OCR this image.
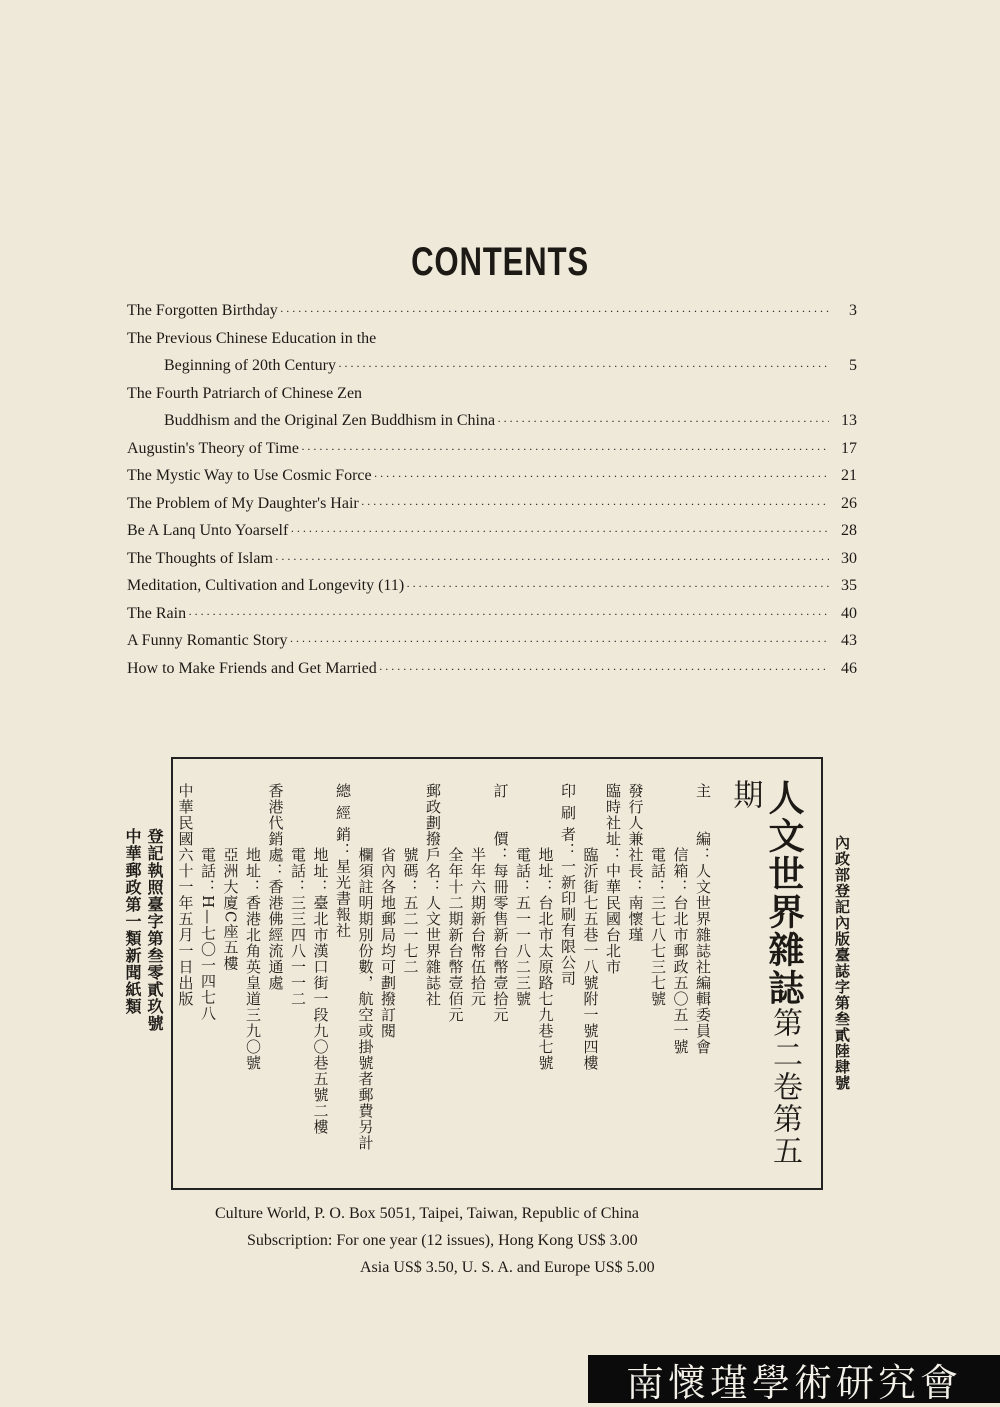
CONTENTS
The Forgotten Birthday ·····	3
The Previous Chinese Education in the
Beginning of 20th Century ·····	5
The Fourth Patriarch of Chinese Zen
Buddhism and the Original Zen Buddhism in China ·····	13
Augustin's Theory of Time ·····	17
The Mystic Way to Use Cosmic Force ·····	21
The Problem of My Daughter's Hair ·····	26
Be A Lanq Unto Yoarself ·····	28
The Thoughts of Islam ·····	30
Meditation, Cultivation and Longevity (11) ·····	35
The Rain ·····	40
A Funny Romantic Story ·····	43
How to Make Friends and Get Married ·····	46
登記執照臺字第叁零貳玖號
中華郵政第一類新聞紙類	內政部登記內版臺誌字第叁貳陸肆號
人文世界雜誌第二卷第五期
主　　編：人文世界雜誌社編輯委員會
　　　　信箱：台北市郵政五〇五一號
　　　　電話：三七八七三七號
發行人兼社長：南懷瑾
臨時社址：中華民國台北市
　　　　臨沂街七五巷一八號附一號四樓
印 刷 者：一新印刷有限公司
　　　　地址：台北市太原路七九巷七號
　　　　電話：五一一八二三號
訂　　價：每冊零售新台幣壹拾元
　　　　半年六期新台幣伍拾元
　　　　全年十二期新台幣壹佰元
郵政劃撥戶名：人文世界雜誌社
　　　　號碼：五二一七二
　　　　省內各地郵局均可劃撥訂閱
　　　　欄須註明期別份數，航空或掛號者郵費另計
總 經 銷：星光書報社
　　　　地址：臺北市漢口街一段九〇巷五號二樓
　　　　電話：三三四八一一二
香港代銷處：香港佛經流通處
　　　　地址：香港北角英皇道三九〇號
　　　　亞洲大廈C座五樓
　　　　電話：H—七〇一四七八
中華民國六十一年五月一日出版
Culture World, P. O. Box 5051, Taipei, Taiwan, Republic of China
Subscription: For one year (12 issues), Hong Kong US$ 3.00
Asia US$ 3.50, U. S. A. and Europe US$ 5.00
南懷瑾學術研究會
